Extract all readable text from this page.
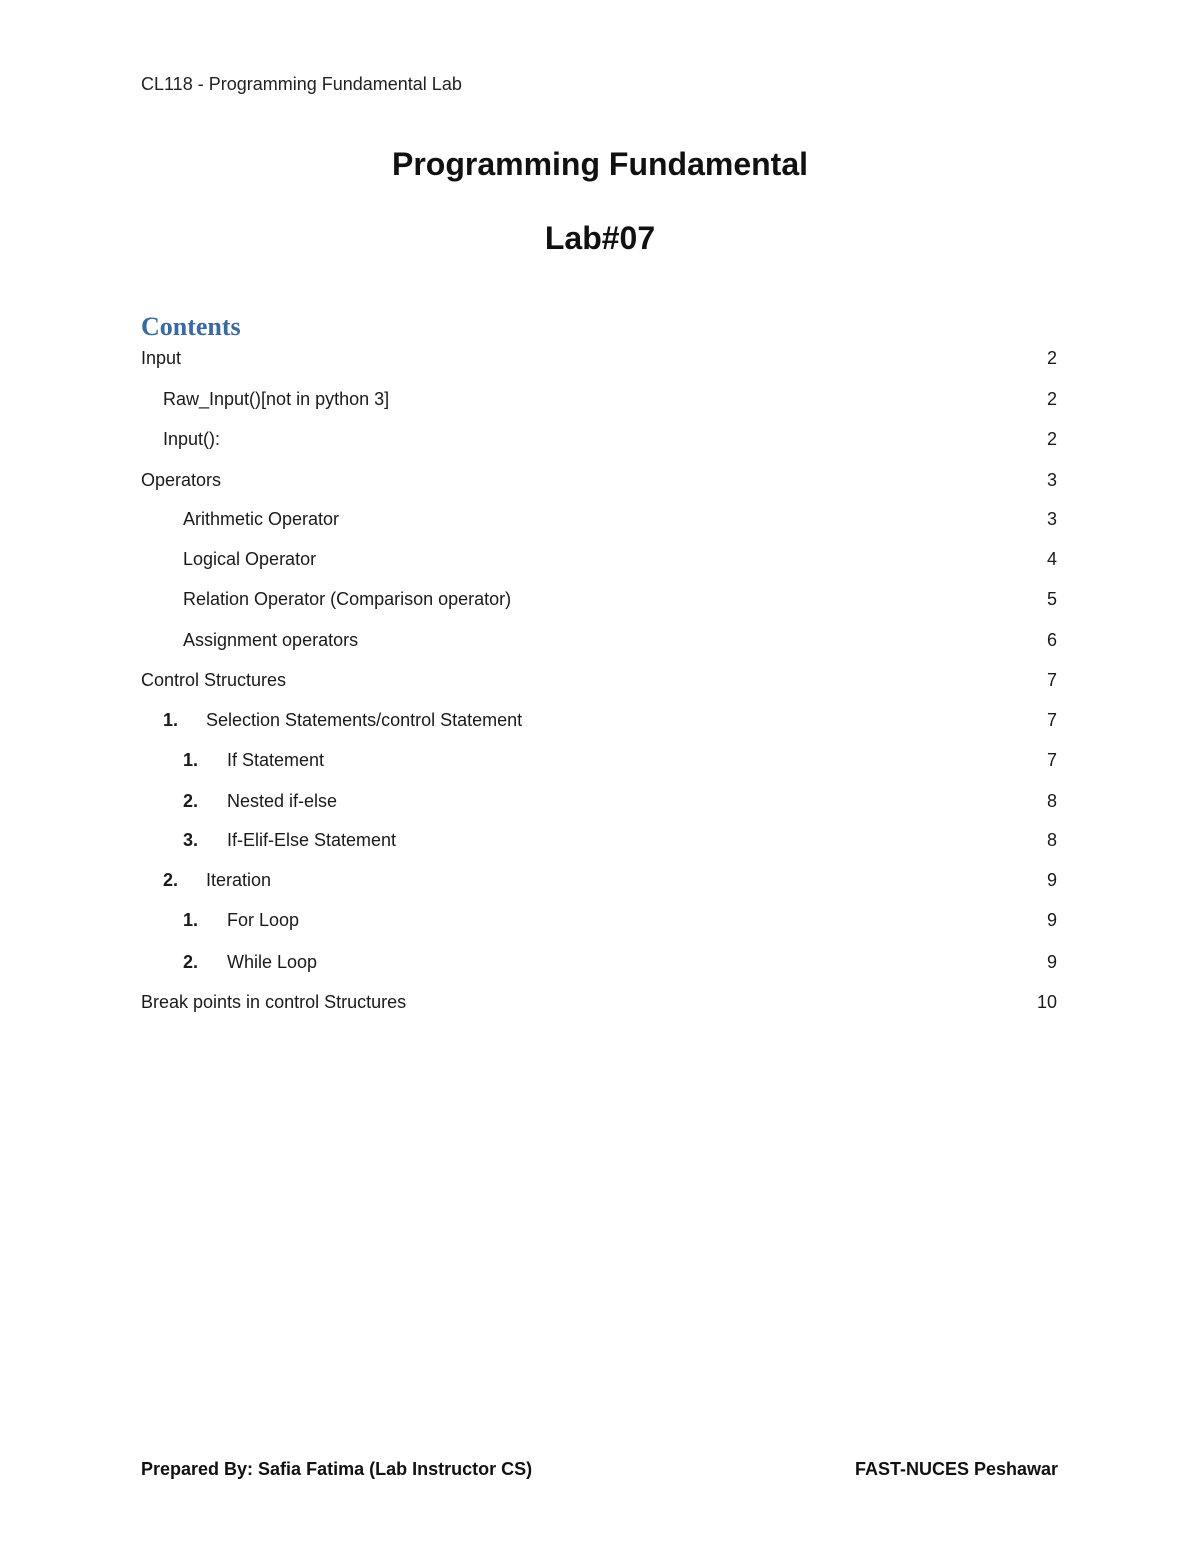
CL118 - Programming Fundamental Lab
Programming Fundamental
Lab#07
Contents
Input	2
Raw_Input()[not in python 3]	2
Input():	2
Operators	3
Arithmetic Operator	3
Logical Operator	4
Relation Operator (Comparison operator)	5
Assignment operators	6
Control Structures	7
1. Selection Statements/control Statement	7
1. If Statement	7
2. Nested if-else	8
3. If-Elif-Else Statement	8
2. Iteration	9
1. For Loop	9
2. While Loop	9
Break points in control Structures	10
Prepared By: Safia Fatima (Lab Instructor CS)	FAST-NUCES Peshawar
